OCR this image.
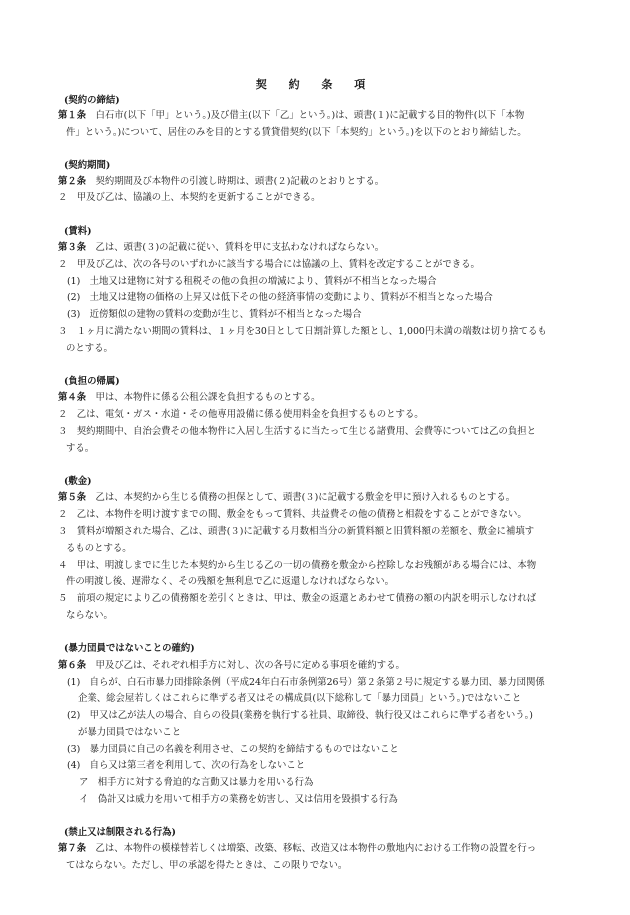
契 約 条 項
(契約の締結)
第１条　 白石市(以下「甲」という。)及び借主(以下「乙」という。)は、頭書(１)に記載する目的物件(以下「本物
件」という。)について、居住のみを目的とする賃貸借契約(以下「本契約」という。)を以下のとおり締結した。
(契約期間)
第２条　 契約期間及び本物件の引渡し時期は、頭書(２)記載のとおりとする。
２　甲及び乙は、協議の上、本契約を更新することができる。
(賃料)
第３条　 乙は、頭書(３)の記載に従い、賃料を甲に支払わなければならない。
２　甲及び乙は、次の各号のいずれかに該当する場合には協議の上、賃料を改定することができる。
(1)　土地又は建物に対する租税その他の負担の増減により、賃料が不相当となった場合
(2)　土地又は建物の価格の上昇又は低下その他の経済事情の変動により、賃料が不相当となった場合
(3)　近傍類似の建物の賃料の変動が生じ、賃料が不相当となった場合
３　１ヶ月に満たない期間の賃料は、１ヶ月を30日として日割計算した額とし、1,000円未満の端数は切り捨てるも
のとする。
(負担の帰属)
第４条　 甲は、本物件に係る公租公課を負担するものとする。
２　乙は、電気・ガス・水道・その他専用設備に係る使用料金を負担するものとする。
３　契約期間中、自治会費その他本物件に入居し生活するに当たって生じる諸費用、会費等については乙の負担と
する。
(敷金)
第５条　 乙は、本契約から生じる債務の担保として、頭書(３)に記載する敷金を甲に預け入れるものとする。
２　乙は、本物件を明け渡すまでの間、敷金をもって賃料、共益費その他の債務と相殺をすることができない。
３　賃料が増額された場合、乙は、頭書(３)に記載する月数相当分の新賃料額と旧賃料額の差額を、敷金に補填す
るものとする。
４　甲は、明渡しまでに生じた本契約から生じる乙の一切の債務を敷金から控除しなお残額がある場合には、本物
件の明渡し後、遅滞なく、その残額を無利息で乙に返還しなければならない。
５　前項の規定により乙の債務額を差引くときは、甲は、敷金の返還とあわせて債務の額の内訳を明示しなければ
ならない。
(暴力団員ではないことの確約)
第６条　 甲及び乙は、それぞれ相手方に対し、次の各号に定める事項を確約する。
(1)　自らが、白石市暴力団排除条例（平成24年白石市条例第26号）第２条第２号に規定する暴力団、暴力団関係
企業、総会屋若しくはこれらに準ずる者又はその構成員(以下総称して「暴力団員」という。)ではないこと
(2)　甲又は乙が法人の場合、自らの役員(業務を執行する社員、取締役、執行役又はこれらに準ずる者をいう。)
が暴力団員ではないこと
(3)　暴力団員に自己の名義を利用させ、この契約を締結するものではないこと
(4)　自ら又は第三者を利用して、次の行為をしないこと
ア　相手方に対する脅迫的な言動又は暴力を用いる行為
イ　偽計又は威力を用いて相手方の業務を妨害し、又は信用を毀損する行為
(禁止又は制限される行為)
第７条　 乙は、本物件の模様替若しくは増築、改築、移転、改造又は本物件の敷地内における工作物の設置を行っ
てはならない。ただし、甲の承認を得たときは、この限りでない。
